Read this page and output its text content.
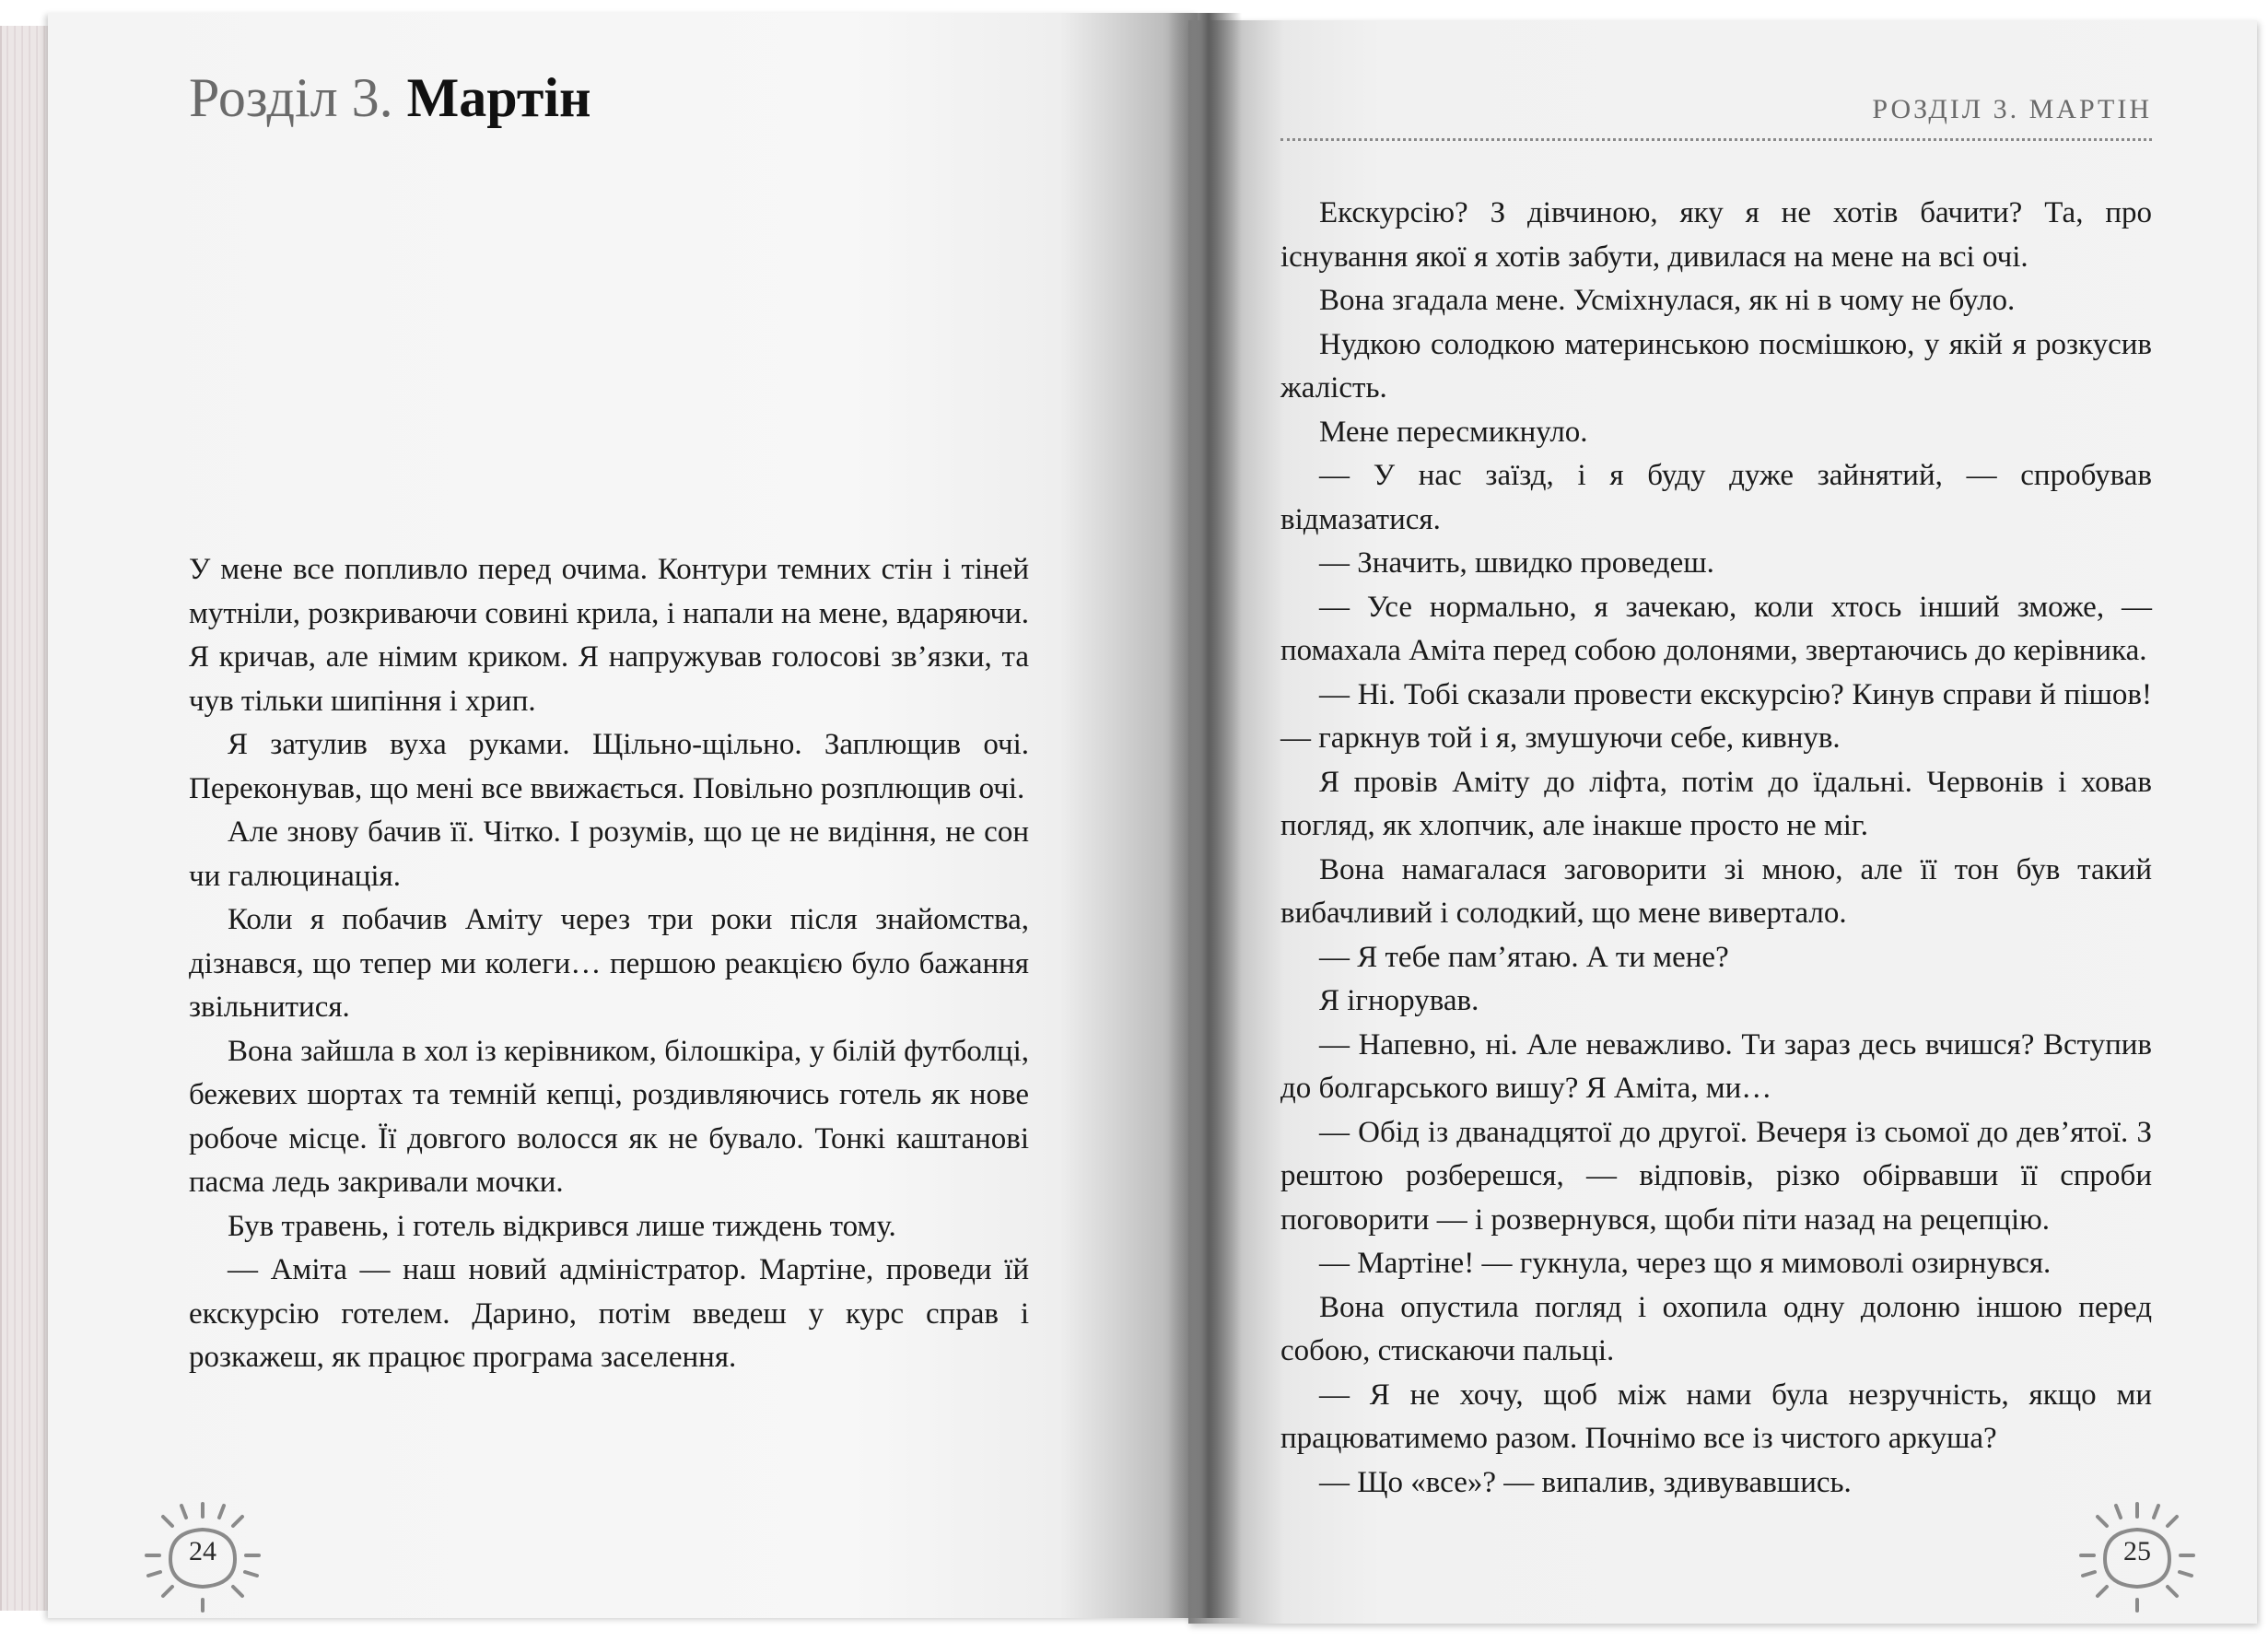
Розділ 3. Мартін

У мене все попливло перед очима. Контури темних стін і тіней мутніли, розкриваючи совині крила, і напали на мене, вдаряючи. Я кричав, але німим криком. Я напружував голосові зв’язки, та чув тільки шипіння і хрип.

Я затулив вуха руками. Щільно-щільно. Заплющив очі. Переконував, що мені все ввижається. Повільно розплющив очі.

Але знову бачив її. Чітко. І розумів, що це не видіння, не сон чи галюцинація.

Коли я побачив Аміту через три роки після знайомства, дізнався, що тепер ми колеги… першою реакцією було бажання звільнитися.

Вона зайшла в хол із керівником, білошкіра, у білій футболці, бежевих шортах та темній кепці, роздивляючись готель як нове робоче місце. Її довгого волосся як не бувало. Тонкі каштанові пасма ледь закривали мочки.

Був травень, і готель відкрився лише тиждень тому.

— Аміта — наш новий адміністратор. Мартіне, проведи їй екскурсію готелем. Дарино, потім введеш у курс справ і розкажеш, як працює програма заселення.

24
РОЗДІЛ 3. МАРТІН

Екскурсію? З дівчиною, яку я не хотів бачити? Та, про існування якої я хотів забути, дивилася на мене на всі очі.

Вона згадала мене. Усміхнулася, як ні в чому не було.

Нудкою солодкою материнською посмішкою, у якій я розкусив жалість.

Мене пересмикнуло.

— У нас заїзд, і я буду дуже зайнятий, — спробував відмазатися.

— Значить, швидко проведеш.

— Усе нормально, я зачекаю, коли хтось інший зможе, — помахала Аміта перед собою долонями, звертаючись до керівника.

— Ні. Тобі сказали провести екскурсію? Кинув справи й пішов! — гаркнув той і я, змушуючи себе, кивнув.

Я провів Аміту до ліфта, потім до їдальні. Червонів і ховав погляд, як хлопчик, але інакше просто не міг.

Вона намагалася заговорити зі мною, але її тон був такий вибачливий і солодкий, що мене вивертало.

— Я тебе пам’ятаю. А ти мене?

Я ігнорував.

— Напевно, ні. Але неважливо. Ти зараз десь вчишся? Вступив до болгарського вишу? Я Аміта, ми…

— Обід із дванадцятої до другої. Вечеря із сьомої до дев’ятої. З рештою розберешся, — відповів, різко обірвавши її спроби поговорити — і розвернувся, щоби піти назад на рецепцію.

— Мартіне! — гукнула, через що я мимоволі озирнувся.

Вона опустила погляд і охопила одну долоню іншою перед собою, стискаючи пальці.

— Я не хочу, щоб між нами була незручність, якщо ми працюватимемо разом. Почнімо все із чистого аркуша?

— Що «все»? — випалив, здивувавшись.

25
